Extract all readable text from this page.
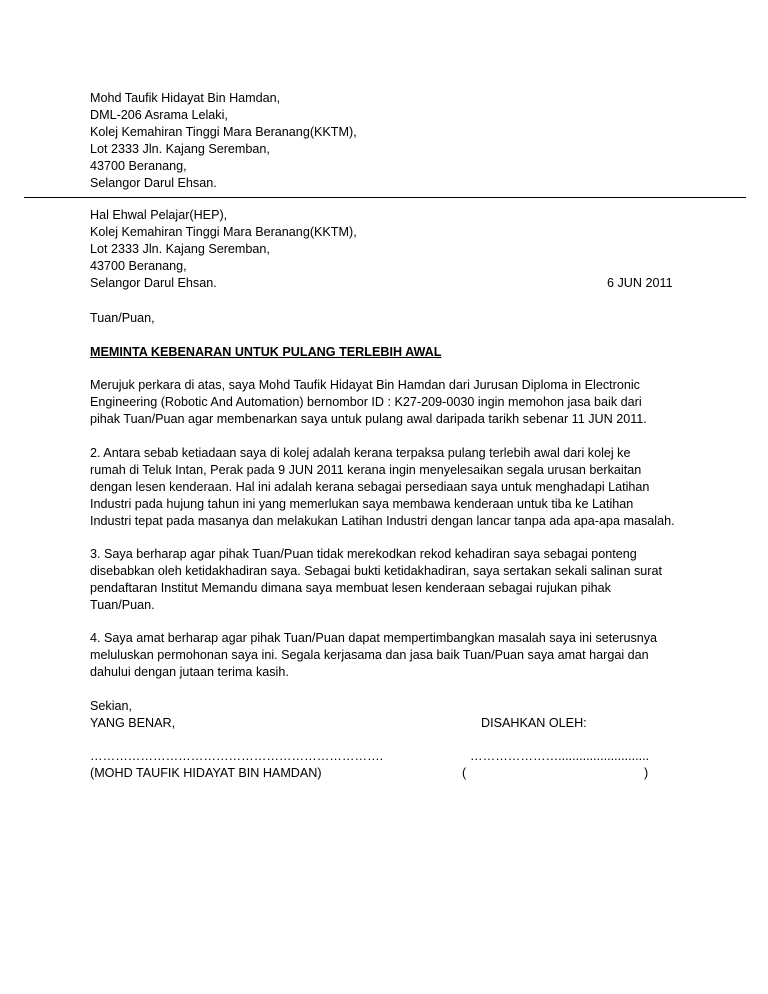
Mohd Taufik Hidayat Bin Hamdan,
DML-206 Asrama Lelaki,
Kolej Kemahiran Tinggi Mara Beranang(KKTM),
Lot 2333 Jln. Kajang Seremban,
43700 Beranang,
Selangor Darul Ehsan.
Hal Ehwal Pelajar(HEP),
Kolej Kemahiran Tinggi Mara Beranang(KKTM),
Lot 2333 Jln. Kajang Seremban,
43700 Beranang,
Selangor Darul Ehsan.	6 JUN 2011
Tuan/Puan,
MEMINTA KEBENARAN UNTUK PULANG TERLEBIH AWAL
Merujuk perkara di atas, saya Mohd Taufik Hidayat Bin Hamdan dari Jurusan Diploma in Electronic
Engineering (Robotic And Automation) bernombor ID : K27-209-0030 ingin memohon jasa baik dari
pihak Tuan/Puan agar membenarkan saya untuk pulang awal daripada tarikh sebenar 11 JUN 2011.
2. Antara sebab ketiadaan saya di kolej adalah kerana terpaksa pulang terlebih awal dari kolej ke
rumah di Teluk Intan, Perak pada 9 JUN 2011 kerana ingin menyelesaikan segala urusan berkaitan
dengan lesen kenderaan. Hal ini adalah kerana sebagai persediaan saya untuk menghadapi Latihan
Industri pada hujung tahun ini yang memerlukan saya membawa kenderaan untuk tiba ke Latihan
Industri tepat pada masanya dan melakukan Latihan Industri dengan lancar tanpa ada apa-apa masalah.
3. Saya berharap agar pihak Tuan/Puan tidak merekodkan rekod kehadiran saya sebagai ponteng
disebabkan oleh ketidakhadiran saya. Sebagai bukti ketidakhadiran, saya sertakan sekali salinan surat
pendaftaran Institut Memandu dimana saya membuat lesen kenderaan sebagai rujukan pihak
Tuan/Puan.
4. Saya amat berharap agar pihak Tuan/Puan dapat mempertimbangkan masalah saya ini seterusnya
meluluskan permohonan saya ini. Segala kerjasama dan jasa baik Tuan/Puan saya amat hargai dan
dahului dengan jutaan terima kasih.
Sekian,
YANG BENAR,	DISAHKAN OLEH:
…………………………………………………………….	…………………..........................
(MOHD TAUFIK HIDAYAT BIN HAMDAN)	(	)
